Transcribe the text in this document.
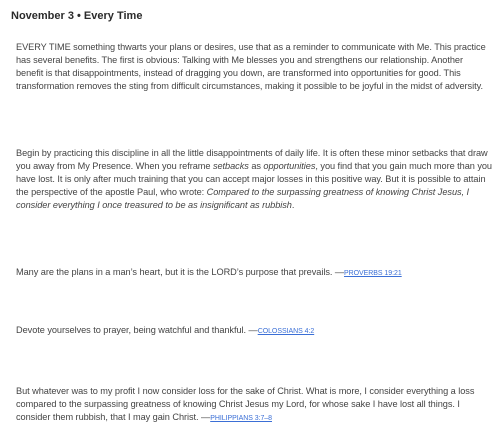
November 3 • Every Time
EVERY TIME something thwarts your plans or desires, use that as a reminder to communicate with Me. This practice has several benefits. The first is obvious: Talking with Me blesses you and strengthens our relationship. Another benefit is that disappointments, instead of dragging you down, are transformed into opportunities for good. This transformation removes the sting from difficult circumstances, making it possible to be joyful in the midst of adversity.
Begin by practicing this discipline in all the little disappointments of daily life. It is often these minor setbacks that draw you away from My Presence. When you reframe setbacks as opportunities, you find that you gain much more than you have lost. It is only after much training that you can accept major losses in this positive way. But it is possible to attain the perspective of the apostle Paul, who wrote: Compared to the surpassing greatness of knowing Christ Jesus, I consider everything I once treasured to be as insignificant as rubbish.
Many are the plans in a man’s heart, but it is the LORD’s purpose that prevails. —PROVERBS 19:21
Devote yourselves to prayer, being watchful and thankful. —COLOSSIANS 4:2
But whatever was to my profit I now consider loss for the sake of Christ. What is more, I consider everything a loss compared to the surpassing greatness of knowing Christ Jesus my Lord, for whose sake I have lost all things. I consider them rubbish, that I may gain Christ. —PHILIPPIANS 3:7–8
